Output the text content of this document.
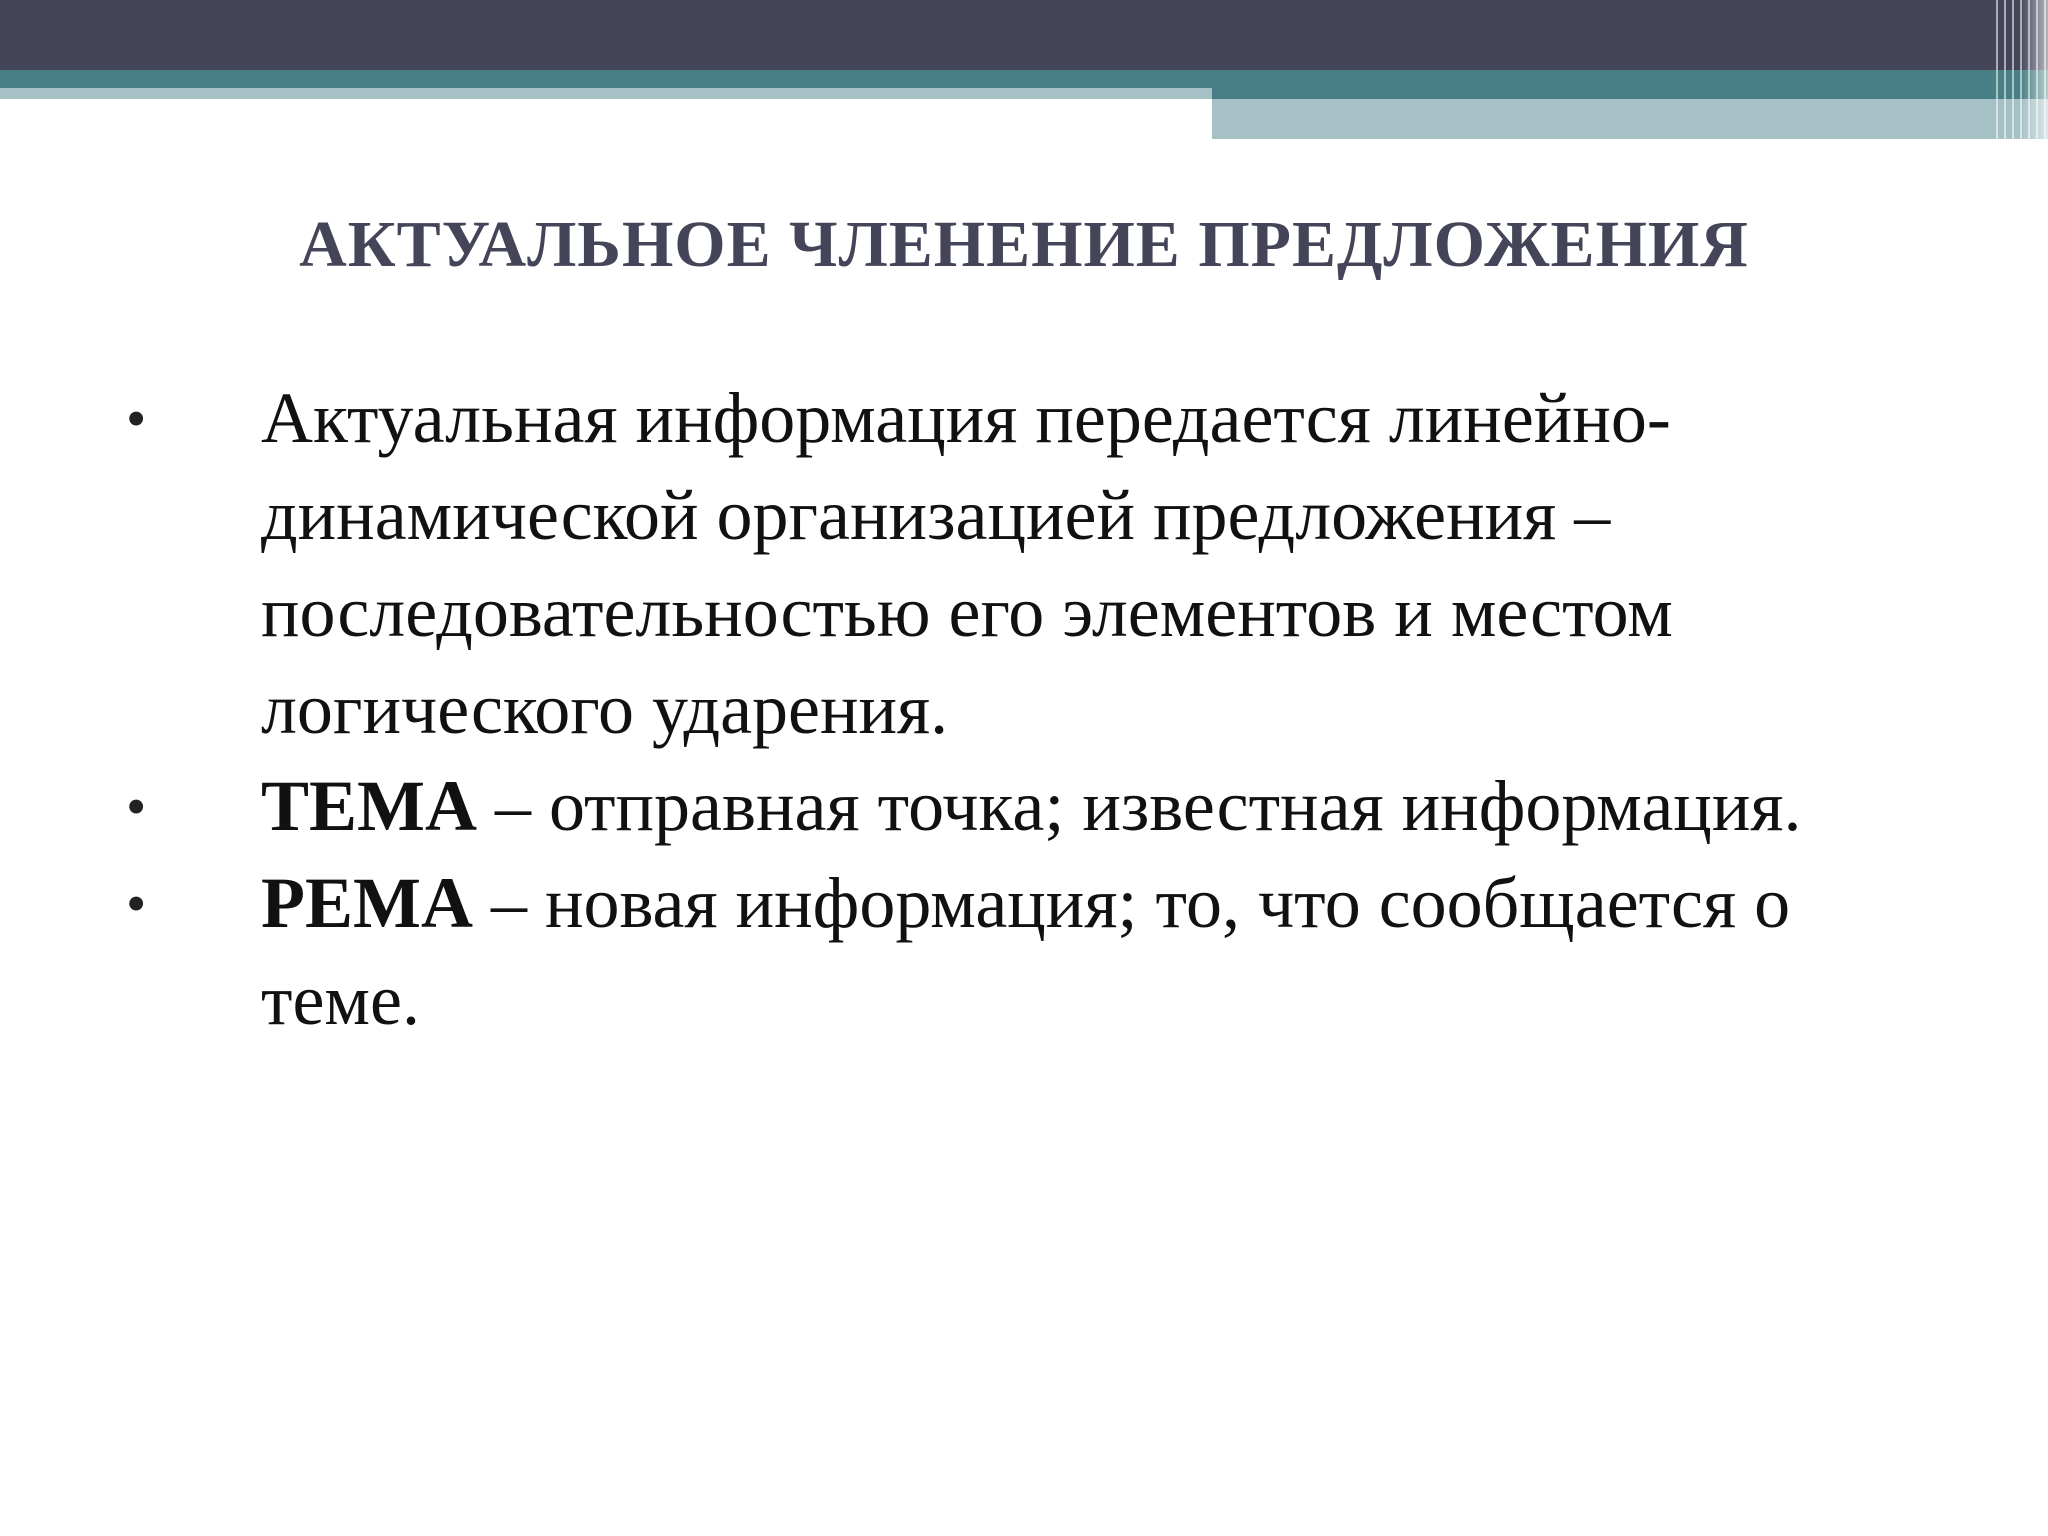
АКТУАЛЬНОЕ ЧЛЕНЕНИЕ ПРЕДЛОЖЕНИЯ
• Актуальная информация передается линейно-динамической организацией предложения – последовательностью его элементов и местом логического ударения.
• ТЕМА – отправная точка; известная информация.
• РЕМА – новая информация; то, что сообщается о теме.
